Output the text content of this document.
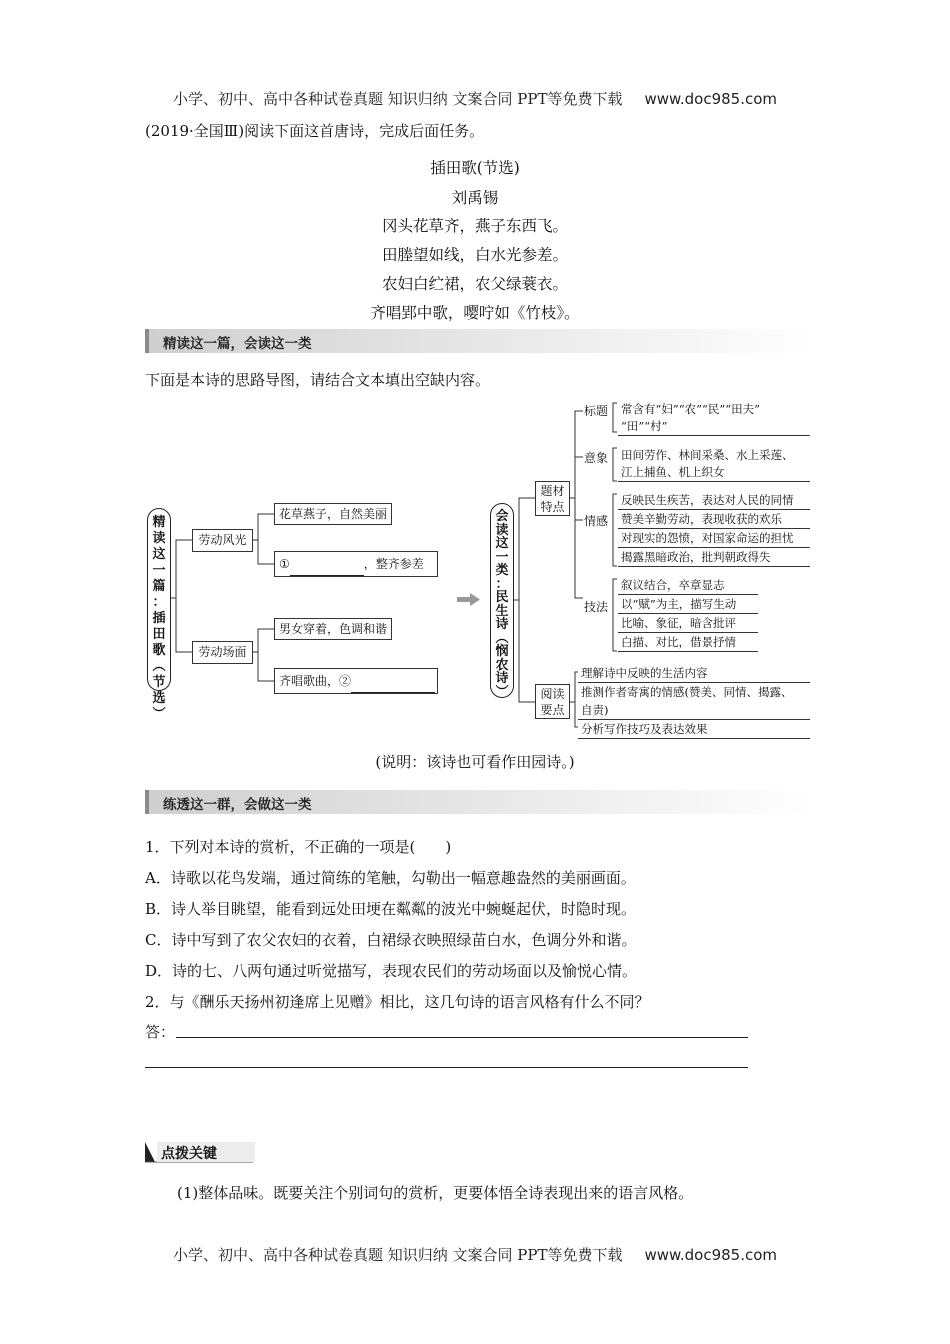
小学、初中、高中各种试卷真题 知识归纳 文案合同 PPT等免费下载 www.doc985.com
(2019·全国Ⅲ)阅读下面这首唐诗，完成后面任务。
插田歌(节选)
刘禹锡
冈头花草齐，燕子东西飞。
田塍望如线，白水光参差。
农妇白纻裙，农父绿蓑衣。
齐唱郢中歌，嘤咛如《竹枝》。
精读这一篇，会读这一类
下面是本诗的思路导图，请结合文本填出空缺内容。
精
读
这
一
篇
：
插
田
歌
︵
节
选
︶
劳动风光
劳动场面
花草燕子，自然美丽
①	，整齐参差
男女穿着，色调和谐
齐唱歌曲，②
会
读
这
一
类
：
民
生
诗
︵
悯
农
诗
︶
题材
特点
阅读
要点
标题
意象
情感
技法
常含有“妇”“农”“民”“田夫”
“田”“村”
田间劳作、林间采桑、水上采莲、
江上捕鱼、机上织女
反映民生疾苦，表达对人民的同情
赞美辛勤劳动，表现收获的欢乐
对现实的怨愤，对国家命运的担忧
揭露黑暗政治，批判朝政得失
叙议结合，卒章显志
以“赋”为主，描写生动
比喻、象征，暗含批评
白描、对比，借景抒情
理解诗中反映的生活内容
推测作者寄寓的情感(赞美、同情、揭露、
自责)
分析写作技巧及表达效果
(说明：该诗也可看作田园诗。)
练透这一群，会做这一类
1．下列对本诗的赏析，不正确的一项是(　　)
A．诗歌以花鸟发端，通过简练的笔触，勾勒出一幅意趣盎然的美丽画面。
B．诗人举目眺望，能看到远处田埂在粼粼的波光中蜿蜒起伏，时隐时现。
C．诗中写到了农父农妇的衣着，白裙绿衣映照绿苗白水，色调分外和谐。
D．诗的七、八两句通过听觉描写，表现农民们的劳动场面以及愉悦心情。
2．与《酬乐天扬州初逢席上见赠》相比，这几句诗的语言风格有什么不同？
答：
点拨关键
(1)整体品味。既要关注个别词句的赏析，更要体悟全诗表现出来的语言风格。
小学、初中、高中各种试卷真题 知识归纳 文案合同 PPT等免费下载 www.doc985.com
